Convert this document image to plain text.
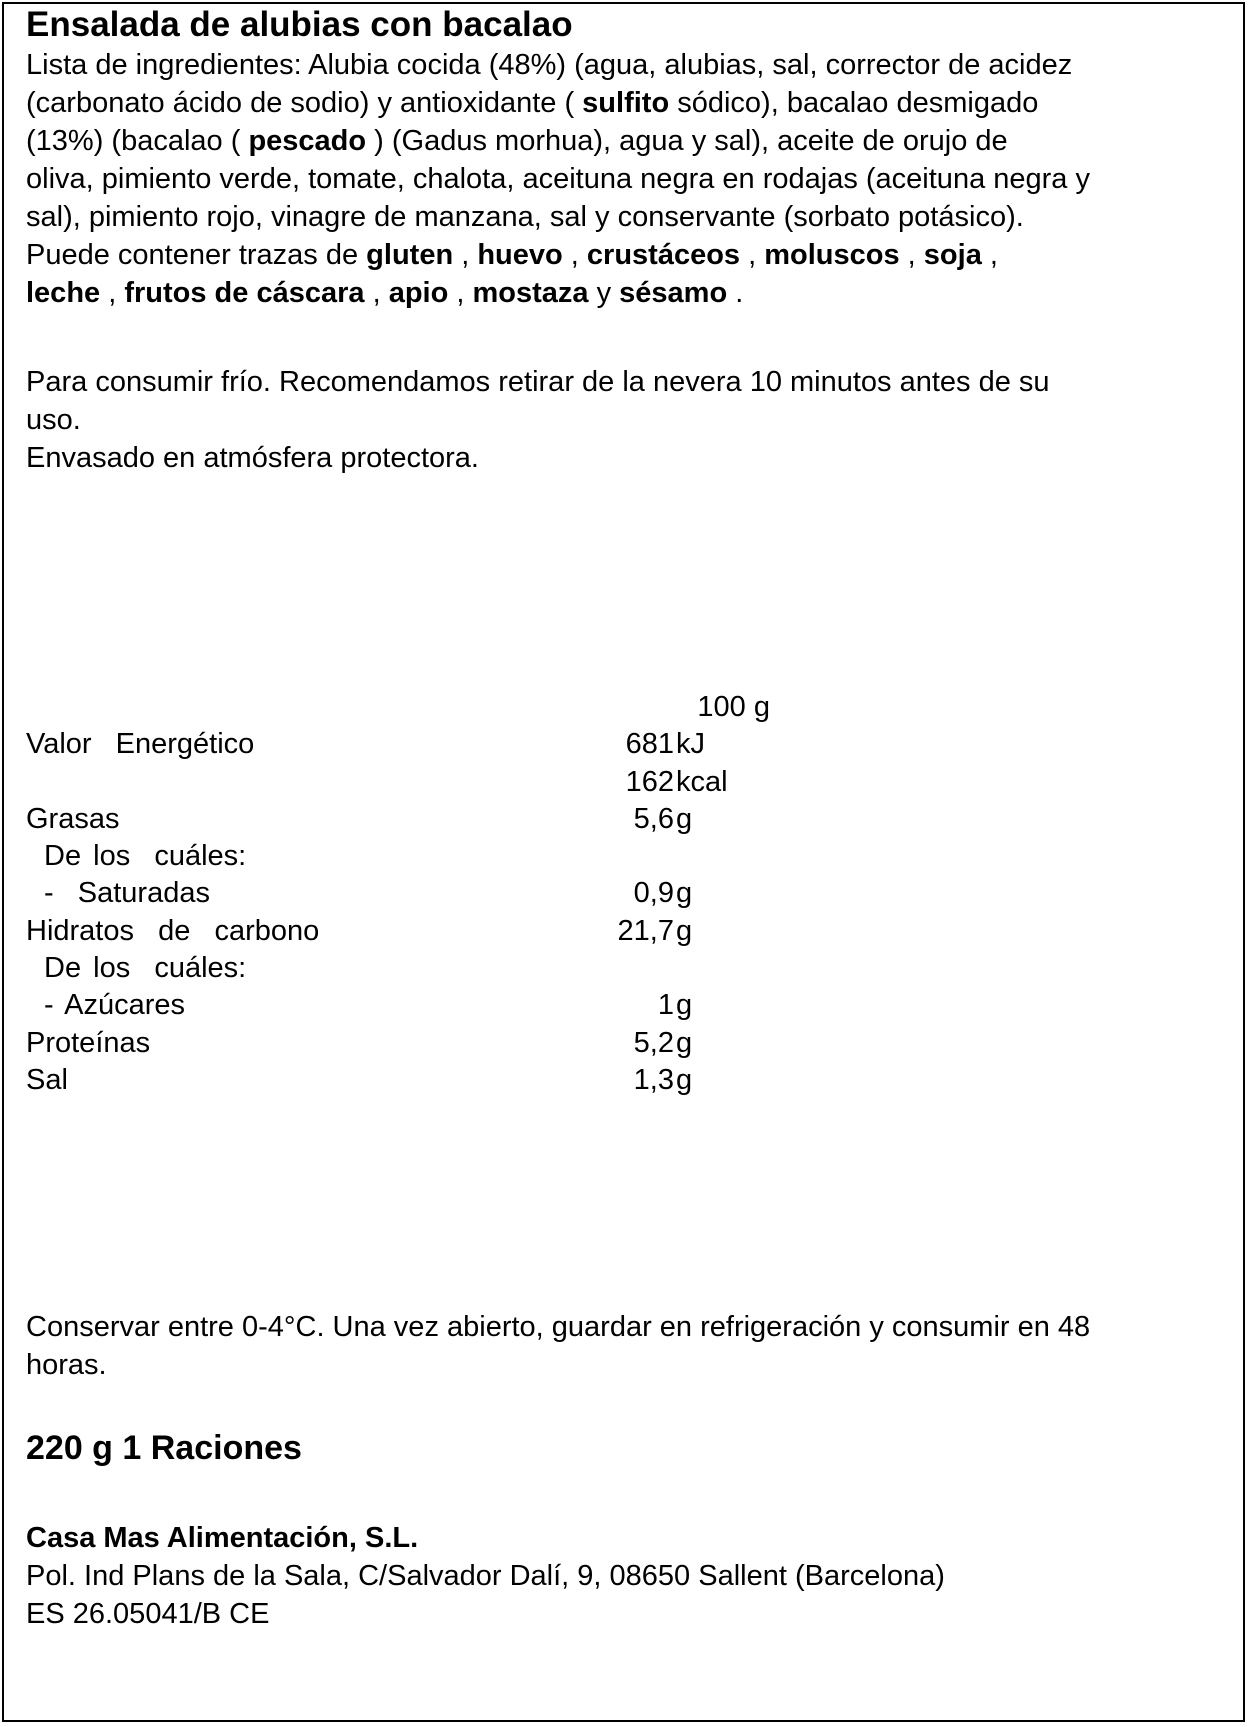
Ensalada de alubias con bacalao
Lista de ingredientes: Alubia cocida (48%) (agua, alubias, sal, corrector de acidez
(carbonato ácido de sodio) y antioxidante ( sulfito sódico), bacalao desmigado
(13%) (bacalao ( pescado ) (Gadus morhua), agua y sal), aceite de orujo de
oliva, pimiento verde, tomate, chalota, aceituna negra en rodajas (aceituna negra y
sal), pimiento rojo, vinagre de manzana, sal y conservante (sorbato potásico).
Puede contener trazas de gluten , huevo , crustáceos , moluscos , soja ,
leche , frutos de cáscara , apio , mostaza y sésamo .
Para consumir frío. Recomendamos retirar de la nevera 10 minutos antes de su
uso.
Envasado en atmósfera protectora.
100 g
Valor  Energético	681 kJ
162 kcal
Grasas	5,6 g
De los  cuáles:
-  Saturadas	0,9 g
Hidratos  de  carbono	21,7 g
De los  cuáles:
- Azúcares	1 g
Proteínas	5,2 g
Sal	1,3 g
Conservar entre 0-4°C. Una vez abierto, guardar en refrigeración y consumir en 48
horas.
220 g 1 Raciones
Casa Mas Alimentación, S.L.
Pol. Ind Plans de la Sala, C/Salvador Dalí, 9, 08650 Sallent (Barcelona)
ES 26.05041/B CE
